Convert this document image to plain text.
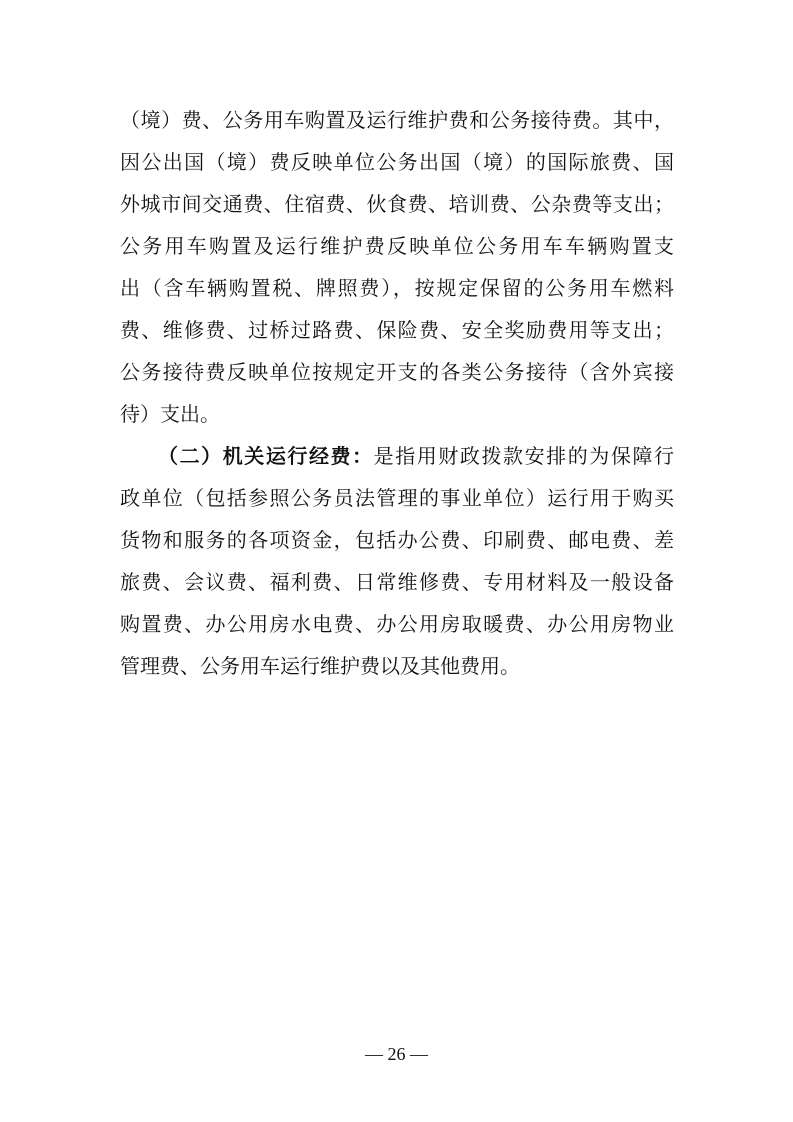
（境）费、公务用车购置及运行维护费和公务接待费。其中，
因公出国（境）费反映单位公务出国（境）的国际旅费、国
外城市间交通费、住宿费、伙食费、培训费、公杂费等支出；
公务用车购置及运行维护费反映单位公务用车车辆购置支
出（含车辆购置税、牌照费），按规定保留的公务用车燃料
费、维修费、过桥过路费、保险费、安全奖励费用等支出；
公务接待费反映单位按规定开支的各类公务接待（含外宾接
待）支出。
（二）机关运行经费：是指用财政拨款安排的为保障行
政单位（包括参照公务员法管理的事业单位）运行用于购买
货物和服务的各项资金，包括办公费、印刷费、邮电费、差
旅费、会议费、福利费、日常维修费、专用材料及一般设备
购置费、办公用房水电费、办公用房取暖费、办公用房物业
管理费、公务用车运行维护费以及其他费用。
— 26 —
